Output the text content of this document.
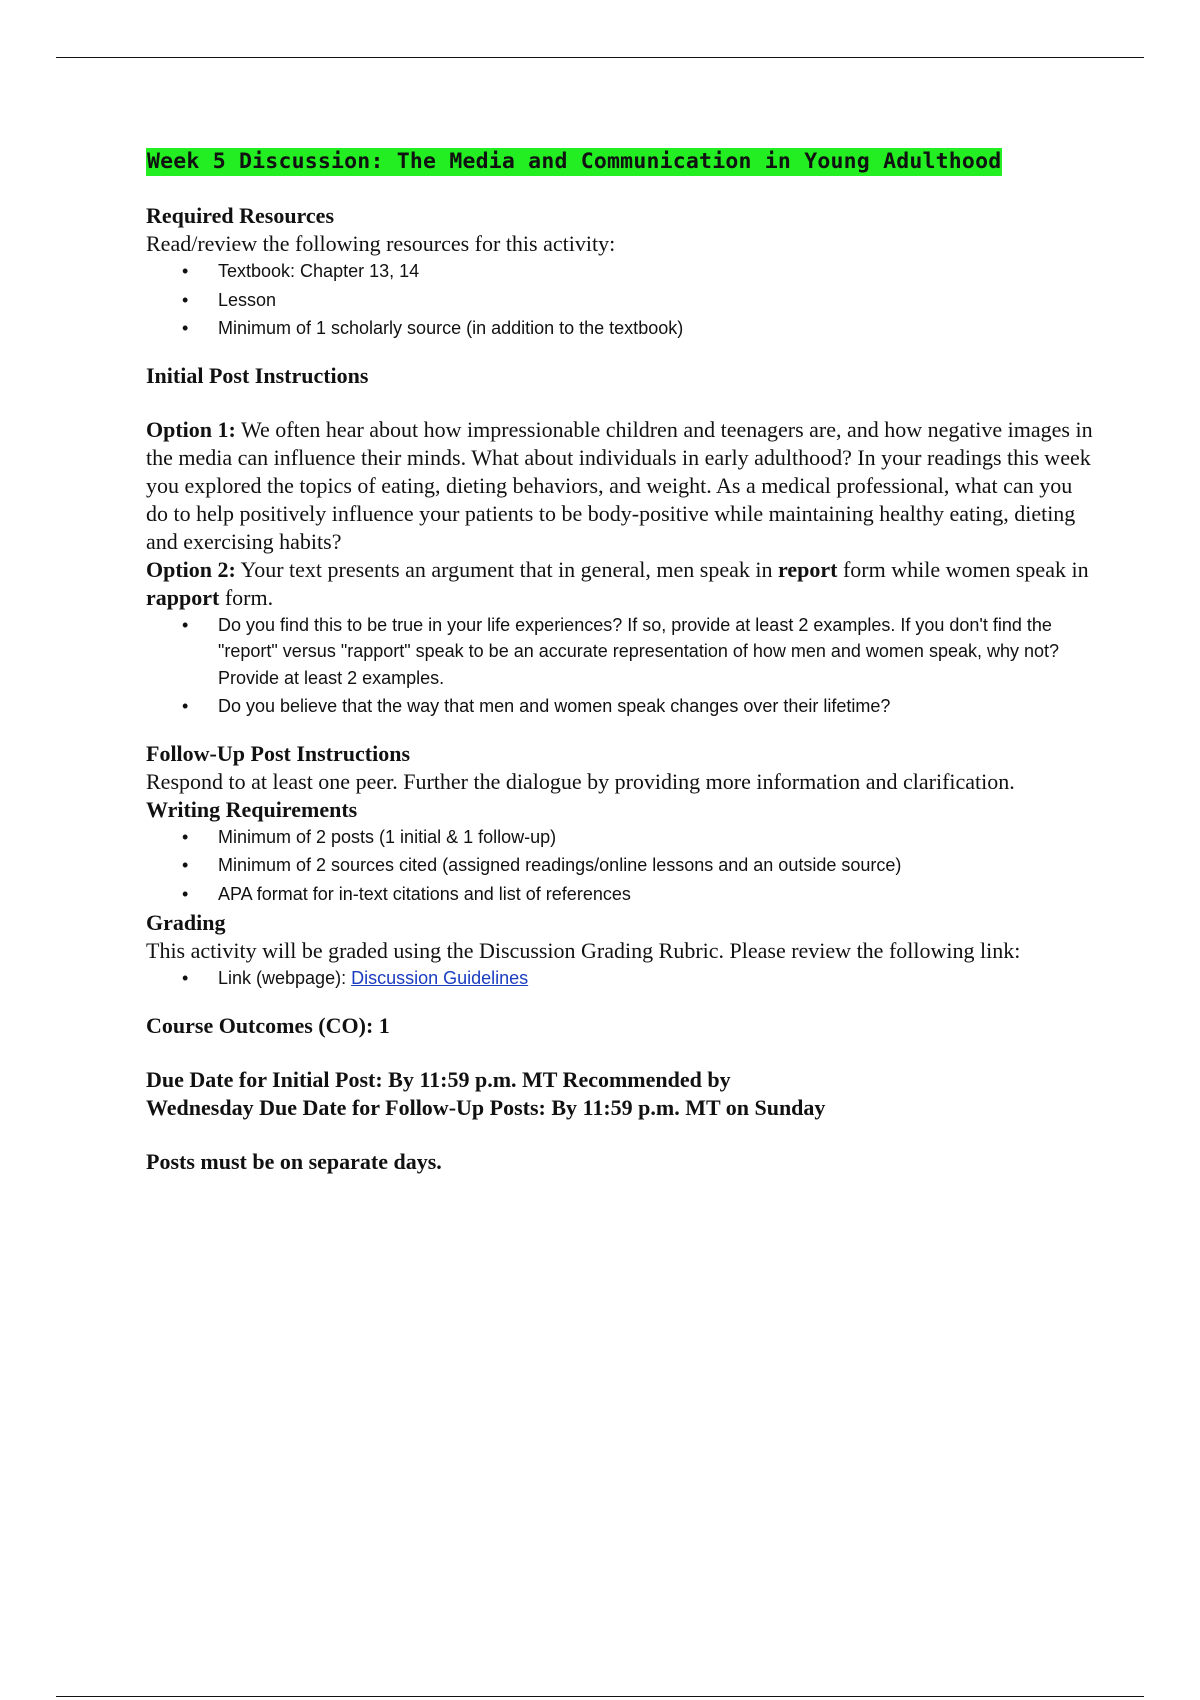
Week 5 Discussion: The Media and Communication in Young Adulthood
Required Resources

Read/review the following resources for this activity:

• Textbook: Chapter 13, 14
• Lesson
• Minimum of 1 scholarly source (in addition to the textbook)
Initial Post Instructions

Option 1: We often hear about how impressionable children and teenagers are, and how negative images in the media can influence their minds. What about individuals in early adulthood? In your readings this week you explored the topics of eating, dieting behaviors, and weight. As a medical professional, what can you do to help positively influence your patients to be body-positive while maintaining healthy eating, dieting and exercising habits?

Option 2: Your text presents an argument that in general, men speak in report form while women speak in rapport form.

• Do you find this to be true in your life experiences? If so, provide at least 2 examples. If you don't find the "report" versus "rapport" speak to be an accurate representation of how men and women speak, why not? Provide at least 2 examples.
• Do you believe that the way that men and women speak changes over their lifetime?
Follow-Up Post Instructions

Respond to at least one peer. Further the dialogue by providing more information and clarification.

Writing Requirements
• Minimum of 2 posts (1 initial & 1 follow-up)
• Minimum of 2 sources cited (assigned readings/online lessons and an outside source)
• APA format for in-text citations and list of references
Grading

This activity will be graded using the Discussion Grading Rubric. Please review the following link:

• Link (webpage): Discussion Guidelines

Course Outcomes (CO): 1

Due Date for Initial Post: By 11:59 p.m. MT Recommended by

Wednesday Due Date for Follow-Up Posts: By 11:59 p.m. MT on Sunday

Posts must be on separate days.
